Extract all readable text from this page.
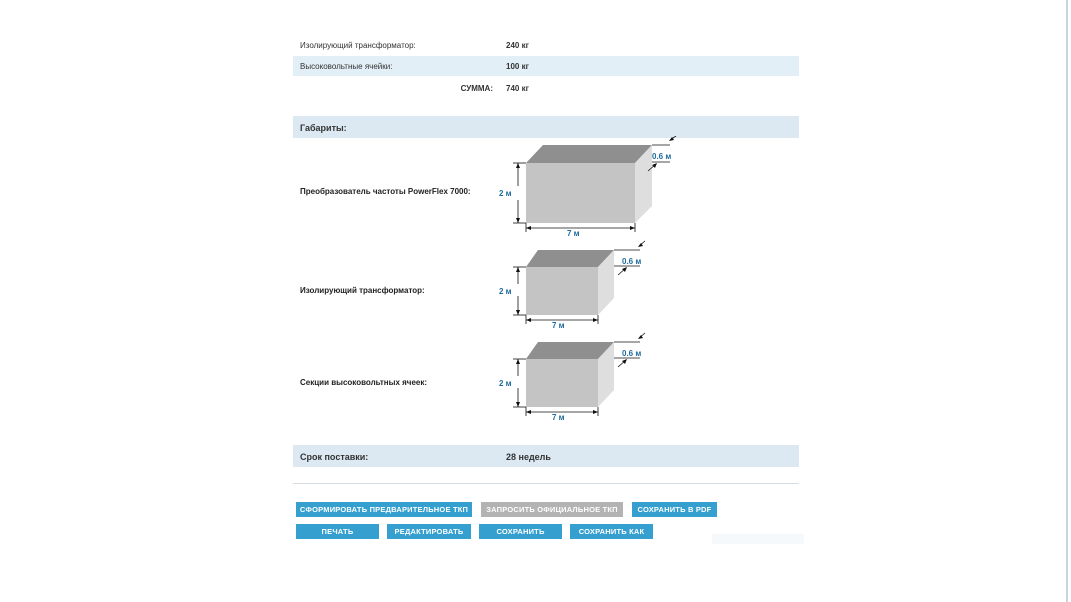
Изолирующий трансформатор:	240 кг
Высоковольтные ячейки:	100 кг
СУММА: 740 кг
Габариты:
Преобразователь частоты PowerFlex 7000:	2 м
7 м
0.6 м
Изолирующий трансформатор:	2 м
7 м
0.6 м
Секции высоковольтных ячеек:	2 м
7 м
0.6 м
Срок поставки:	28 недель
СФОРМИРОВАТЬ ПРЕДВАРИТЕЛЬНОЕ ТКП	ЗАПРОСИТЬ ОФИЦИАЛЬНОЕ ТКП	СОХРАНИТЬ В PDF
ПЕЧАТЬ	РЕДАКТИРОВАТЬ	СОХРАНИТЬ	СОХРАНИТЬ КАК
